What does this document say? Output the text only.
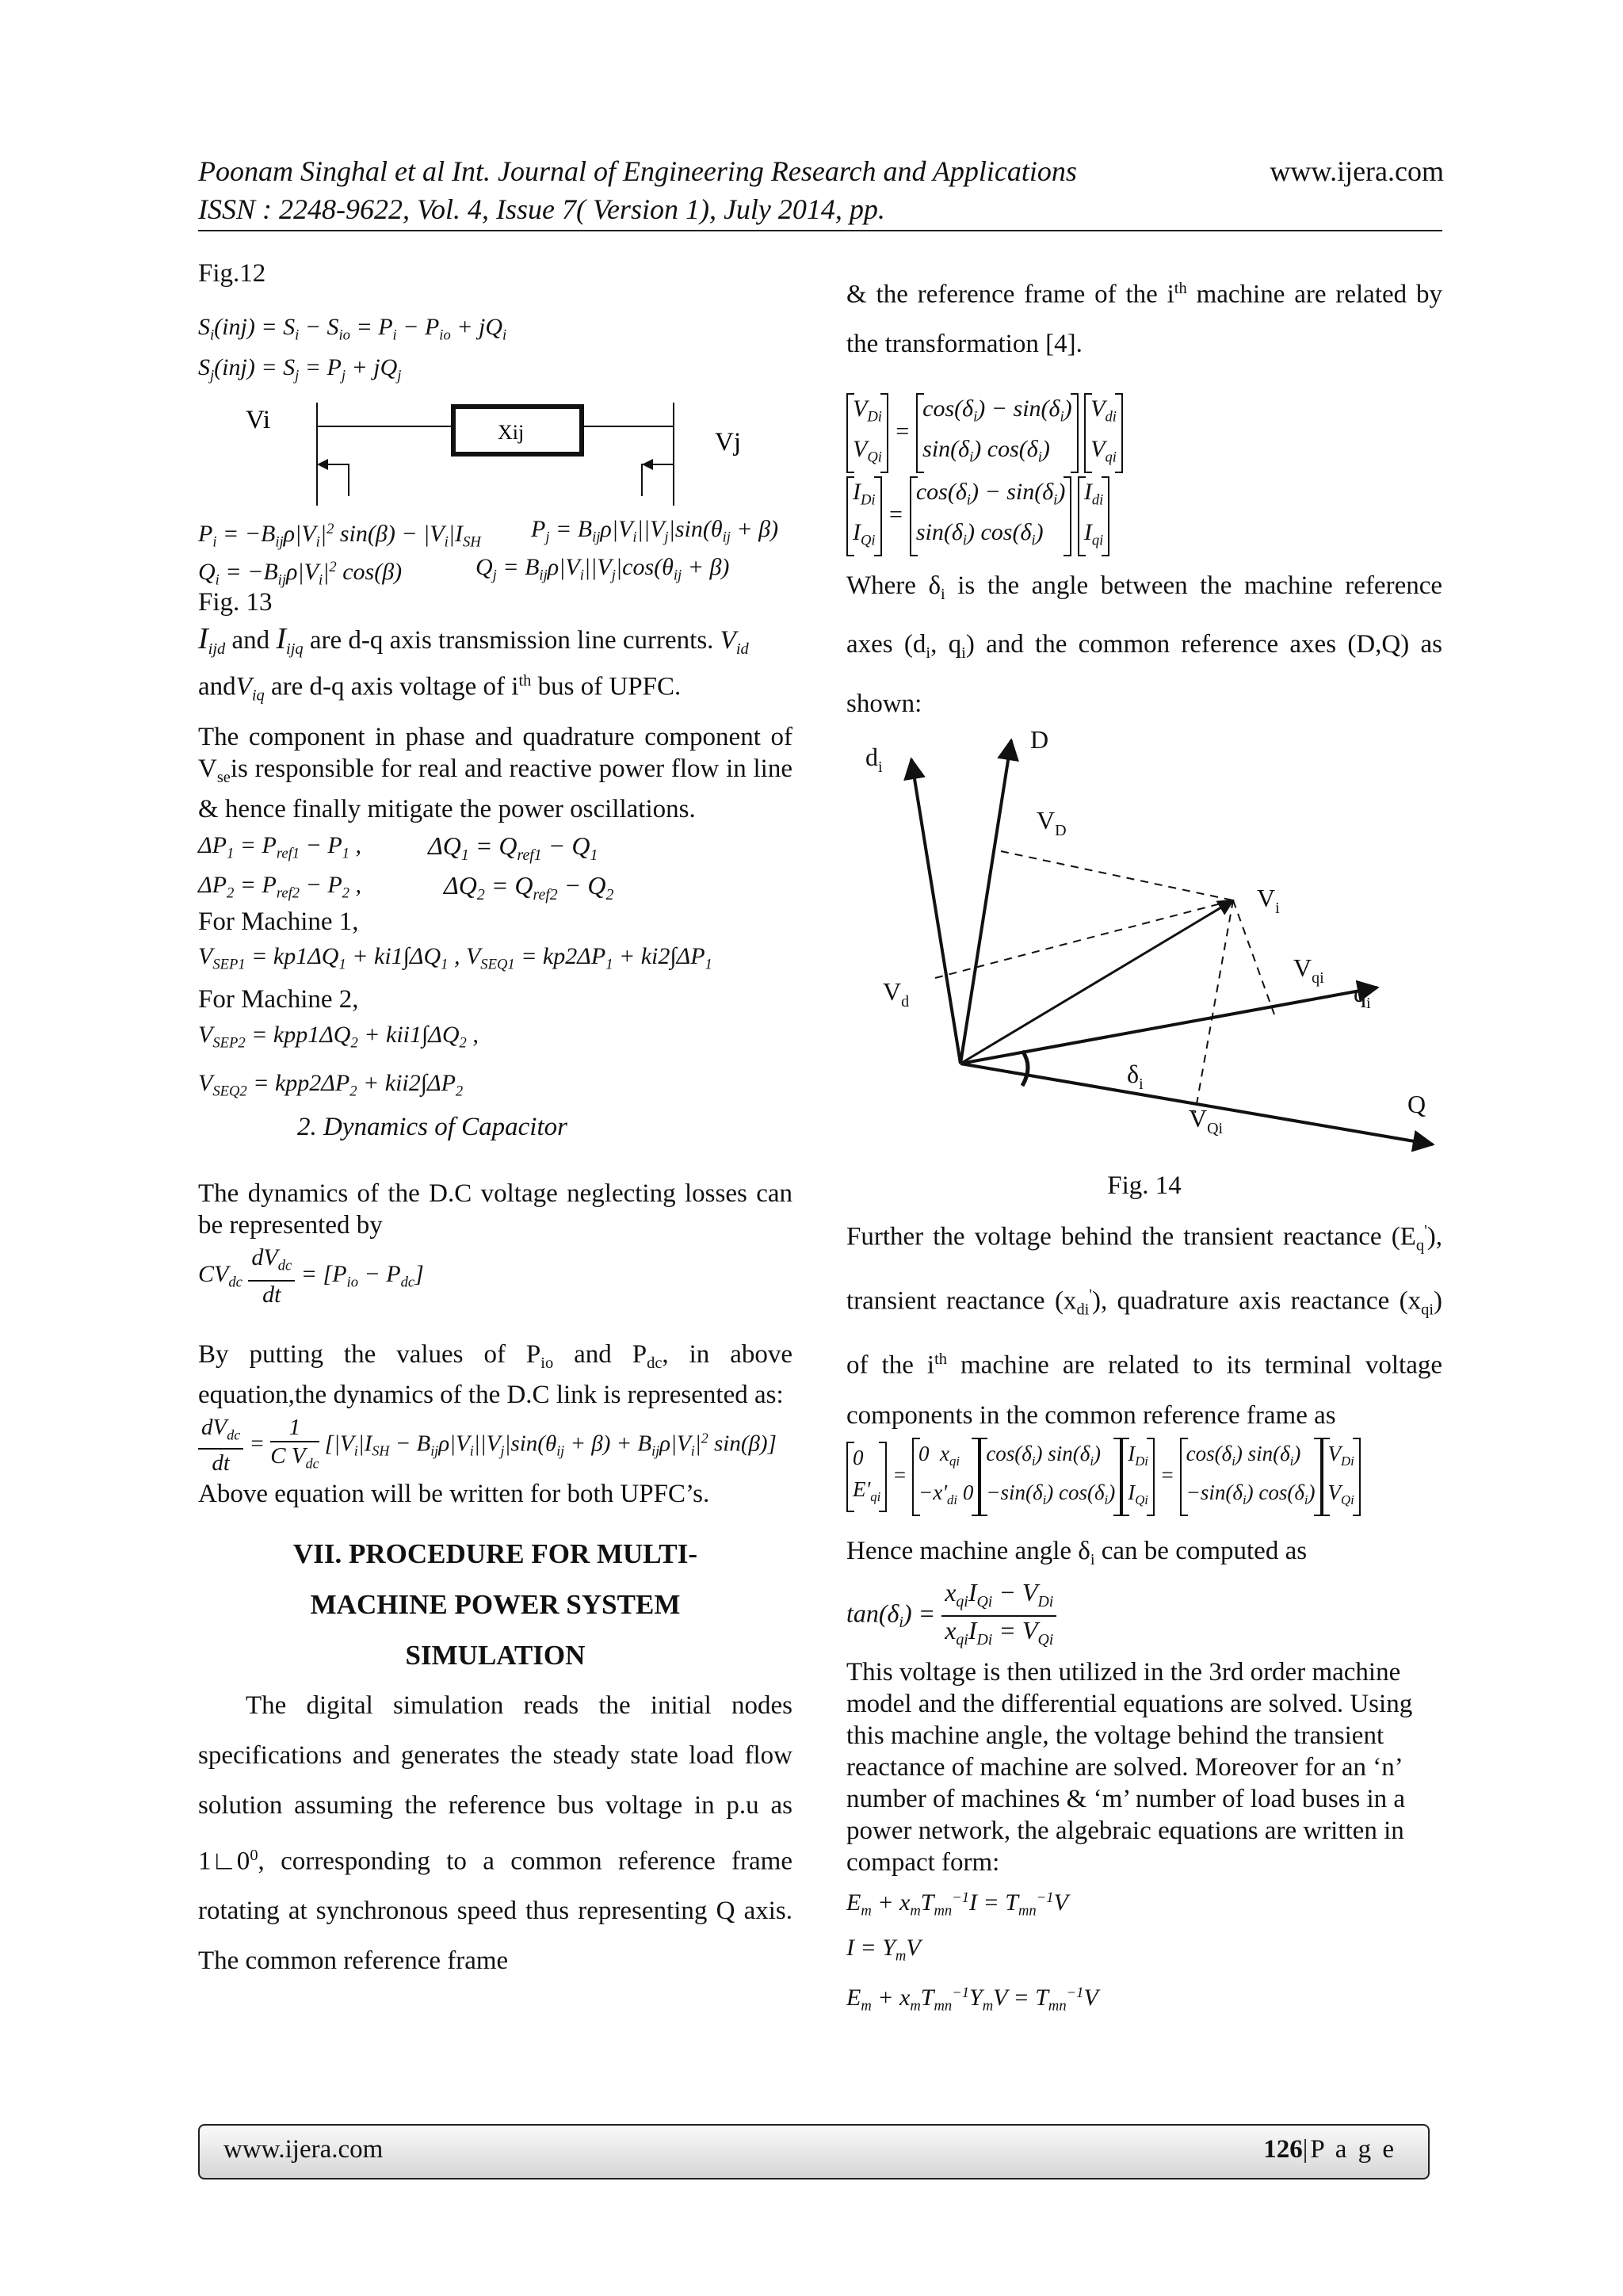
Poonam Singhal et al Int. Journal of Engineering Research and Applications	www.ijera.com
ISSN : 2248-9622, Vol. 4, Issue 7( Version 1), July 2014, pp.

Fig.12

$S_i(inj) = S_i - S_{io} = P_i - P_{io} + jQ_i$

$S_j(inj) = S_j = P_j + jQ_j$

Vi
Vj
Xij

$P_i = -B_{ij}\rho|V_i|^2$ $\sin(\beta) - |V_i|I_{SH}$

$P_j = B_{ij}\rho|V_i||V_j|\sin(\theta_{ij} + \beta)$

$Q_i = -B_{ij}\rho|V_i|^2$ cos(β)	$Q_j = B_{ij}\rho|V_i||V_j|\cos(\theta_{ij} + \beta)$

Fig. 13

$I_{ijd}$ and $I_{ijq}$ are d-q axis transmission line currents. $V_{id}$

andV$_{iq}$ are d-q axis voltage of $i^{th}$ bus of UPFC.

The component in phase and quadrature component of $V_{se}is$ responsible for real and reactive power flow in line & hence finally mitigate the power oscillations.

$\Delta P_1 = P_{ref1} - P_1$ ,	$\Delta Q_1 = Q_{ref1} - Q_1$

$\Delta P_2 = P_{ref2} - P_2$ ,	$\Delta Q_2 = Q_{ref2} - Q_2$

For Machine 1,

$V_{SEP1} = kp1\Delta Q_1 + ki1\int\Delta Q_1$ , $V_{SEQ1} = kp2\Delta P_1 + ki2\int\Delta P_1$

For Machine 2,

$V_{SEP2} = kpp1\Delta Q_2 + kii1\int\Delta Q_2$ ,

$V_{SEQ2} = kpp2\Delta P_2 + kii2\int\Delta P_2$

2. Dynamics of Capacitor

The dynamics of the D.C voltage neglecting losses can be represented by

$CV_{dc} \frac{dV_{dc}}{dt} = [P_{io} - P_{dc}]$

By putting the values of $P_{io}$ and $P_{dc}$, in above equation,the dynamics of the D.C link is represented as:

$\frac{dV_{dc}}{dt} = \frac{1}{C V_{dc}} [|V_i|I_{SH} - B_{ij}\rho|V_i||V_j|\sin(\theta_{ij} + \beta) + B_{ij}\rho|V_i|^2$ sin(β)]

Above equation will be written for both UPFC’s.

VII. PROCEDURE FOR MULTI-

MACHINE POWER SYSTEM

SIMULATION

The digital simulation reads the initial nodes specifications and generates the steady state load flow solution assuming the reference bus voltage in p.u as $1∟0^0$, corresponding to a common reference frame rotating at synchronous speed thus representing Q axis. The common reference frame

& the reference frame of the $i^{th}$ machine are related by the transformation [4].

$V_{Di}$
$V_{Qi}$
=
$\cos(\delta_i) - \sin(\delta_i)$
$\sin(\delta_i)$ $\cos(\delta_i)$

$V_{di}$
$V_{qi}$
$I_{Di}$
$I_{Qi}$
=
$\cos(\delta_i) - \sin(\delta_i)$
$\sin(\delta_i)$ $\cos(\delta_i)$

$I_{di}$
$I_{qi}$

Where $\delta_i$ is the angle between the machine reference axes ($d_i$, $q_i$) and the common reference axes (D,Q) as shown:

$d_i$
D
$V_D$
$V_i$
$V_{qi}$
$q_i$
$V_d$
$\delta_i$
$V_{Qi}$
Q

Fig. 14

Further the voltage behind the transient reactance $(E_q')$, transient reactance $(x_{di}')$, quadrature axis reactance $(x_{qi})$ of the $i^{th}$ machine are related to its terminal voltage components in the common reference frame as

0
$E'_{qi}$
=
0  $x_{qi}$
$-x'_{di}$ 0
$\cos(\delta_i)$ $\sin(\delta_i)$
$-\sin(\delta_i)$ $\cos(\delta_i)$
$I_{Di}$
$I_{Qi}$
=
$\cos(\delta_i)$ $\sin(\delta_i)$
$-\sin(\delta_i)$ $\cos(\delta_i)$
$V_{Di}$
$V_{Qi}$

Hence machine angle $\delta_i$ can be computed as

$\tan(\delta_i) = \frac{x_{qi}I_{Qi} - V_{Di}}{x_{qi}I_{Di} = V_{Qi}}$

This voltage is then utilized in the 3rd order machine model and the differential equations are solved. Using this machine angle, the voltage behind the transient reactance of machine are solved. Moreover for an ‘n’ number of machines & ‘m’ number of load buses in a power network, the algebraic equations are written in compact form:

$E_m + x_mT_{mn}^{-1}I = T_{mn}^{-1}V$

$I = Y_mV$

$E_m + x_mT_{mn}^{-1}Y_mV = T_{mn}^{-1}V$

www.ijera.com	126|P a g e
